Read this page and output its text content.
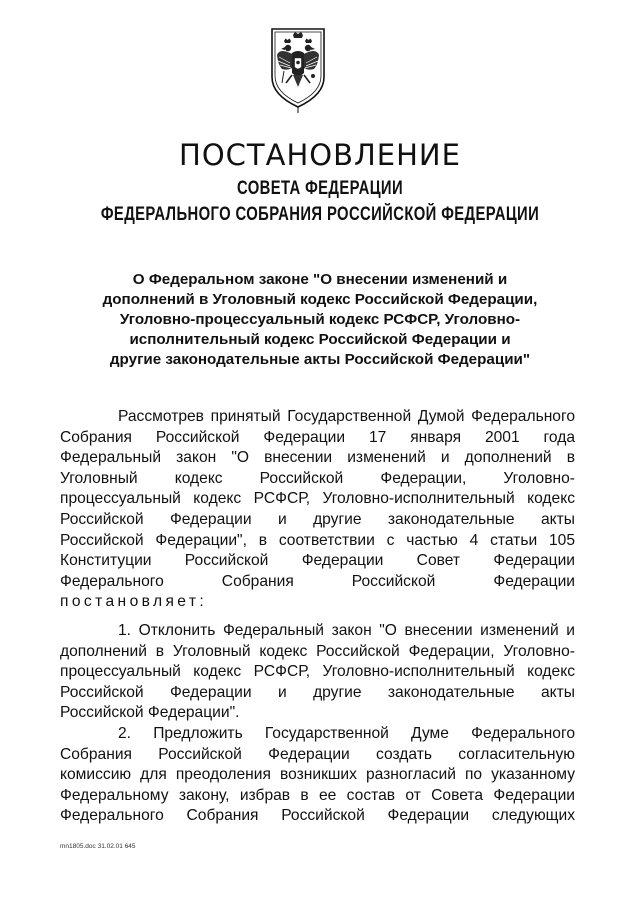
ПОСТАНОВЛЕНИЕ
СОВЕТА ФЕДЕРАЦИИ
ФЕДЕРАЛЬНОГО СОБРАНИЯ РОССИЙСКОЙ ФЕДЕРАЦИИ
О Федеральном законе "О внесении изменений и
дополнений в Уголовный кодекс Российской Федерации,
Уголовно-процессуальный кодекс РСФСР, Уголовно-
исполнительный кодекс Российской Федерации и
другие законодательные акты Российской Федерации"
Рассмотрев принятый Государственной Думой Федерального
Собрания Российской Федерации 17 января 2001 года
Федеральный закон "О внесении изменений и дополнений в
Уголовный кодекс Российской Федерации, Уголовно-
процессуальный кодекс РСФСР, Уголовно-исполнительный кодекс
Российской Федерации и другие законодательные акты
Российской Федерации", в соответствии с частью 4 статьи 105
Конституции Российской Федерации Совет Федерации
Федерального Собрания Российской Федерации
постановляет:
1. Отклонить Федеральный закон "О внесении изменений и
дополнений в Уголовный кодекс Российской Федерации, Уголовно-
процессуальный кодекс РСФСР, Уголовно-исполнительный кодекс
Российской Федерации и другие законодательные акты
Российской Федерации".
2. Предложить Государственной Думе Федерального
Собрания Российской Федерации создать согласительную
комиссию для преодоления возникших разногласий по указанному
Федеральному закону, избрав в ее состав от Совета Федерации
Федерального Собрания Российской Федерации следующих
mn1805.doc 31.02.01 645
